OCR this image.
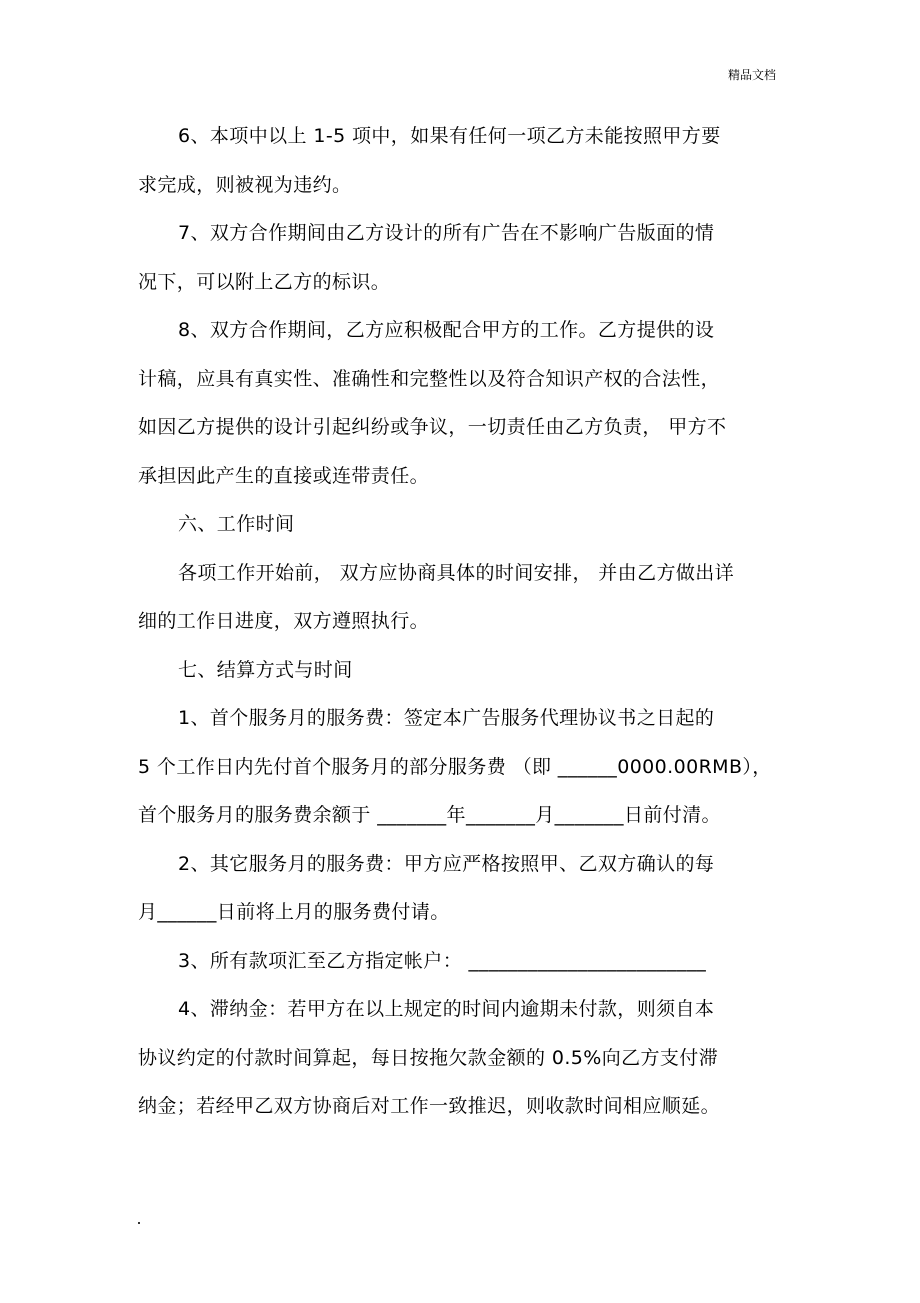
精品文档
6、本项中以上 1-5 项中，如果有任何一项乙方未能按照甲方要
求完成，则被视为违约。
7、双方合作期间由乙方设计的所有广告在不影响广告版面的情
况下，可以附上乙方的标识。
8、双方合作期间，乙方应积极配合甲方的工作。乙方提供的设
计稿，应具有真实性、准确性和完整性以及符合知识产权的合法性，
如因乙方提供的设计引起纠纷或争议，一切责任由乙方负责， 甲方不
承担因此产生的直接或连带责任。
六、工作时间
各项工作开始前， 双方应协商具体的时间安排， 并由乙方做出详
细的工作日进度，双方遵照执行。
七、结算方式与时间
1、首个服务月的服务费：签定本广告服务代理协议书之日起的
5 个工作日内先付首个服务月的部分服务费 （即 ______0000.00RMB），
首个服务月的服务费余额于 _______年_______月_______日前付清。
2、其它服务月的服务费：甲方应严格按照甲、乙双方确认的每
月______日前将上月的服务费付请。
3、所有款项汇至乙方指定帐户： ________________________
4、滞纳金：若甲方在以上规定的时间内逾期未付款，则须自本
协议约定的付款时间算起，每日按拖欠款金额的 0.5%向乙方支付滞
纳金；若经甲乙双方协商后对工作一致推迟，则收款时间相应顺延。
